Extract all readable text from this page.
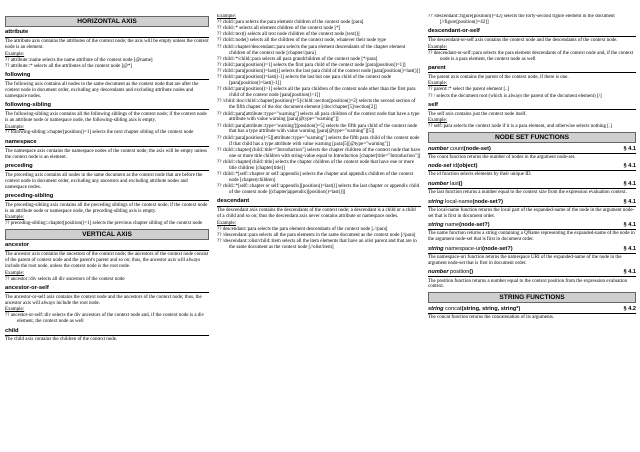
HORIZONTAL AXIS
attribute
The attribute axis contains the attributes of the context node; the axis will be empty unless the context node is an element.
Example:
?? attribute::name selects the name attribute of the context node [@name]
?? attribute::* selects all the attributes of the context node [@*]
following
The following axis contains all nodes in the same document as the context node that are after the context node in document order, excluding any descendants and excluding attribute nodes and namespace nodes.
following-sibling
The following-sibling axis contains all the following siblings of the context node; if the context node is an attribute node or namespace node, the following-sibling axis is empty.
Example:
?? following-sibling::chapter[position()=1] selects the next chapter sibling of the context node
namespace
The namespace axis contains the namespace nodes of the context node; the axis will be empty unless the context node is an element.
preceding
The preceding axis contains all nodes in the same document as the context node that are before the context node in document order, excluding any ancestors and excluding attribute nodes and namespace nodes.
preceding-sibling
The preceding-sibling axis contains all the preceding siblings of the context node; if the context node is an attribute node or namespace node, the preceding-sibling axis is empty.
Example:
?? preceding-sibling::chapter[position()=1] selects the previous chapter sibling of the context node
VERTICAL AXIS
ancestor
The ancestor axis contains the ancestors of the context node; the ancestors of the context node consist of the parent of context node and the parent's parent and so on; thus, the ancestor axis will always include the root node, unless the context node is the root node.
Example:
?? ancestor::div selects all div ancestors of the context node
ancestor-or-self
The ancestor-or-self axis contains the context node and the ancestors of the context node; thus, the ancestor axis will always include the root node.
Example:
?? ancestor-or-self::div selects the div ancestors of the context node and, if the context node is a div element, the context node as well
child
The child axis contains the children of the context node.
Example:
?? child::para selects the para element children of the context node [para]
?? child::* selects all element children of the context node [*]
?? child::text() selects all text node children of the context node [text()]
?? child::node() selects all the children of the context node, whatever their node type
?? child::chapter/descendant::para selects the para element descendants of the chapter element children of the context node [chapter//para]
?? child::*/child::para selects all para grandchildren of the context node [*/para]
?? child::para[position()=1] selects the first para child of the context node [para[position()=1]]
?? child::para[position()=last()] selects the last para child of the context node [para[position()=last()]]
?? child::para[position()=last()-1] selects the last but one para child of the context node [para[position()=last()-1]]
?? child::para[position()>1] selects all the para children of the context node other than the first para child of the context node [para[position()>1]]
?? /child::doc/child::chapter[position()=5]/child::section[position()=2] selects the second section of the fifth chapter of the doc document element [/doc/chapter[5]/section[2]]
?? child::para[attribute::type="warning"] selects all para children of the context node that have a type attribute with value warning [para[@type="warning"]]
?? child::para[attribute::type='warning'][position()=5] selects the fifth para child of the context node that has a type attribute with value warning [para[@type="warning"][5]]
?? child::para[position()=5][attribute::type="warning"] selects the fifth para child of the context node if that child has a type attribute with value warning [para[5][@type="warning"]]
?? child::chapter[child::title="Introduction"] selects the chapter children of the context node that have one or more title children with string-value equal to Introduction [chapter[title="Introduction"]]
?? child::chapter[child::title] selects the chapter children of the context node that have one or more title children [chapter[title]]
?? child::*[self::chapter or self::appendix] selects the chapter and appendix children of the context node [chapter|children]
?? child::*[self::chapter or self::appendix][position()=last()] selects the last chapter or appendix child of the context node [(chapter|appendix)[position()=last()]]
descendant
The descendant axis contains the descendants of the context node; a descendant is a child or a child of a child and so on; thus the descendant axis never contains attribute or namespace nodes.
Example:
?? descendant::para selects the para element descendants of the context node [.//para]
?? /descendant::para selects all the para elements in the same document as the context node [//para]
?? /descendant::olist/child::item selects all the item elements that have an olist parent and that are in the same document as the context node [//olist/item]
?? /descendant::figure[position()=42] selects the forty-second figure element in the document [//figure[position()=42]]
descendant-or-self
The descendant-or-self axis contains the context node and the descendants of the context node.
Example:
?? descendant-or-self::para selects the para element descendants of the context node and, if the context node is a para element, the context node as well
parent
The parent axis contains the parent of the context node, if there is one.
Example:
?? parent::* select the parent element [..]
?? / selects the document root (which is always the parent of the document element) [/]
self
The self axis contains just the context node itself.
Example:
?? self::para selects the context node if it is a para element, and otherwise selects nothing [.]
NODE SET FUNCTIONS
number count(node-set)	§ 4.1
The count function returns the number of nodes in the argument node-set.
node-set id(object)	§ 4.1
The id function selects elements by their unique ID.
number last()	§ 4.1
The last function returns a number equal to the context size from the expression evaluation context.
string local-name(node-set?)	§ 4.1
The local-name function returns the local part of the expanded-name of the node in the argument node-set that is first in document order.
string name(node-set?)	§ 4.1
The name function returns a string containing a QName representing the expanded-name of the node in the argument node-set that is first in document order.
string namespace-uri(node-set?)	§ 4.1
The namespace-uri function returns the namespace URI of the expanded-name of the node in the argument node-set that is first in document order.
number position()	§ 4.1
The position function returns a number equal to the context position from the expression evaluation context.
STRING FUNCTIONS
string concat(string, string, string*)	§ 4.2
The concat function returns the concatenation of its arguments.
